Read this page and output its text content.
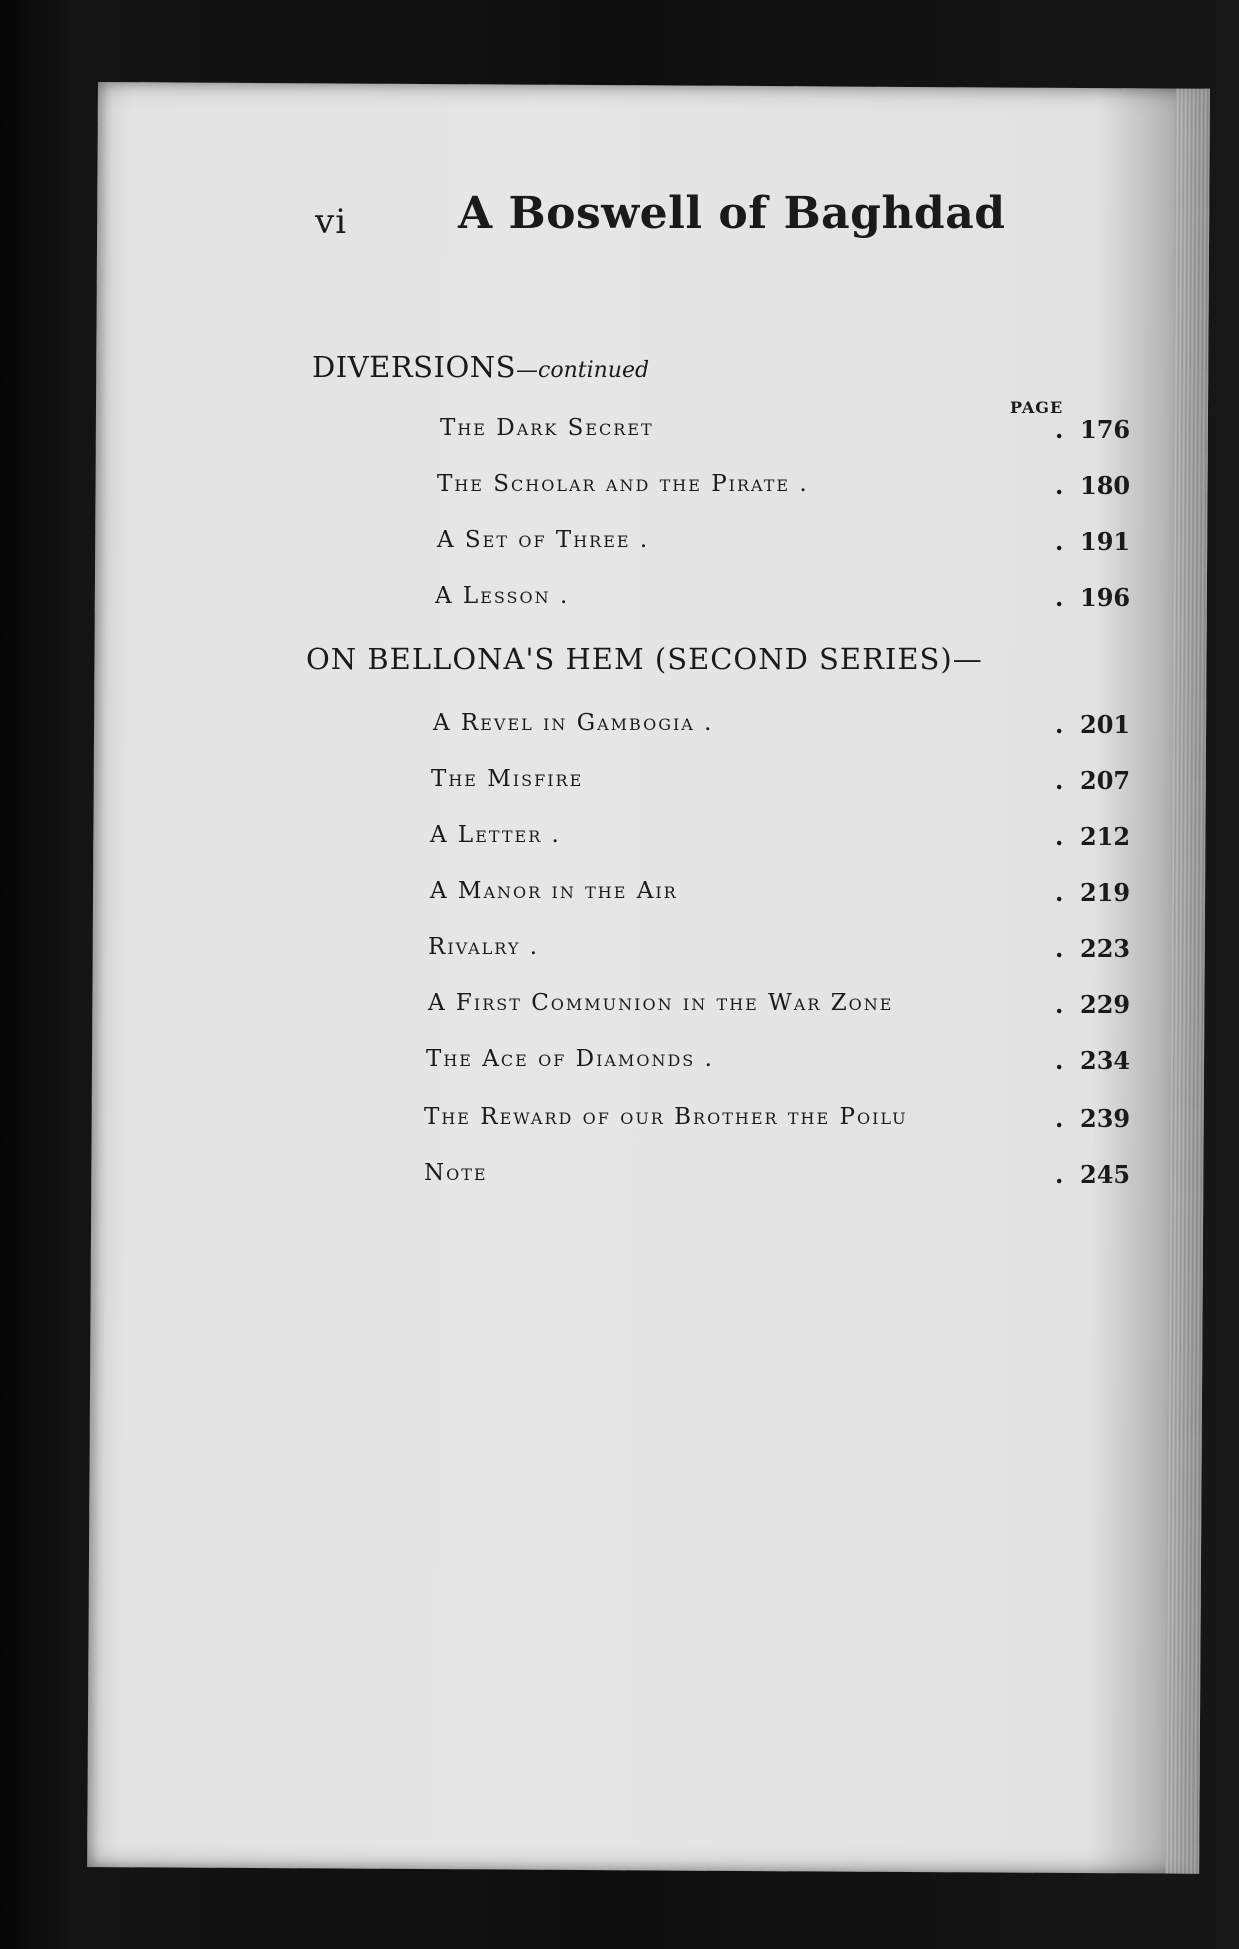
vi	A Boswell of Baghdad
DIVERSIONS—continued
PAGE
ON BELLONA'S HEM (SECOND SERIES)—
The Dark Secret	. 176
The Scholar and the Pirate .	. 180
A Set of Three .	. 191
A Lesson .	. 196
A Revel in Gambogia .	. 201
The Misfire	. 207
A Letter .	. 212
A Manor in the Air	. 219
Rivalry .	. 223
A First Communion in the War Zone	. 229
The Ace of Diamonds .	. 234
The Reward of our Brother the Poilu	. 239
Note	. 245
